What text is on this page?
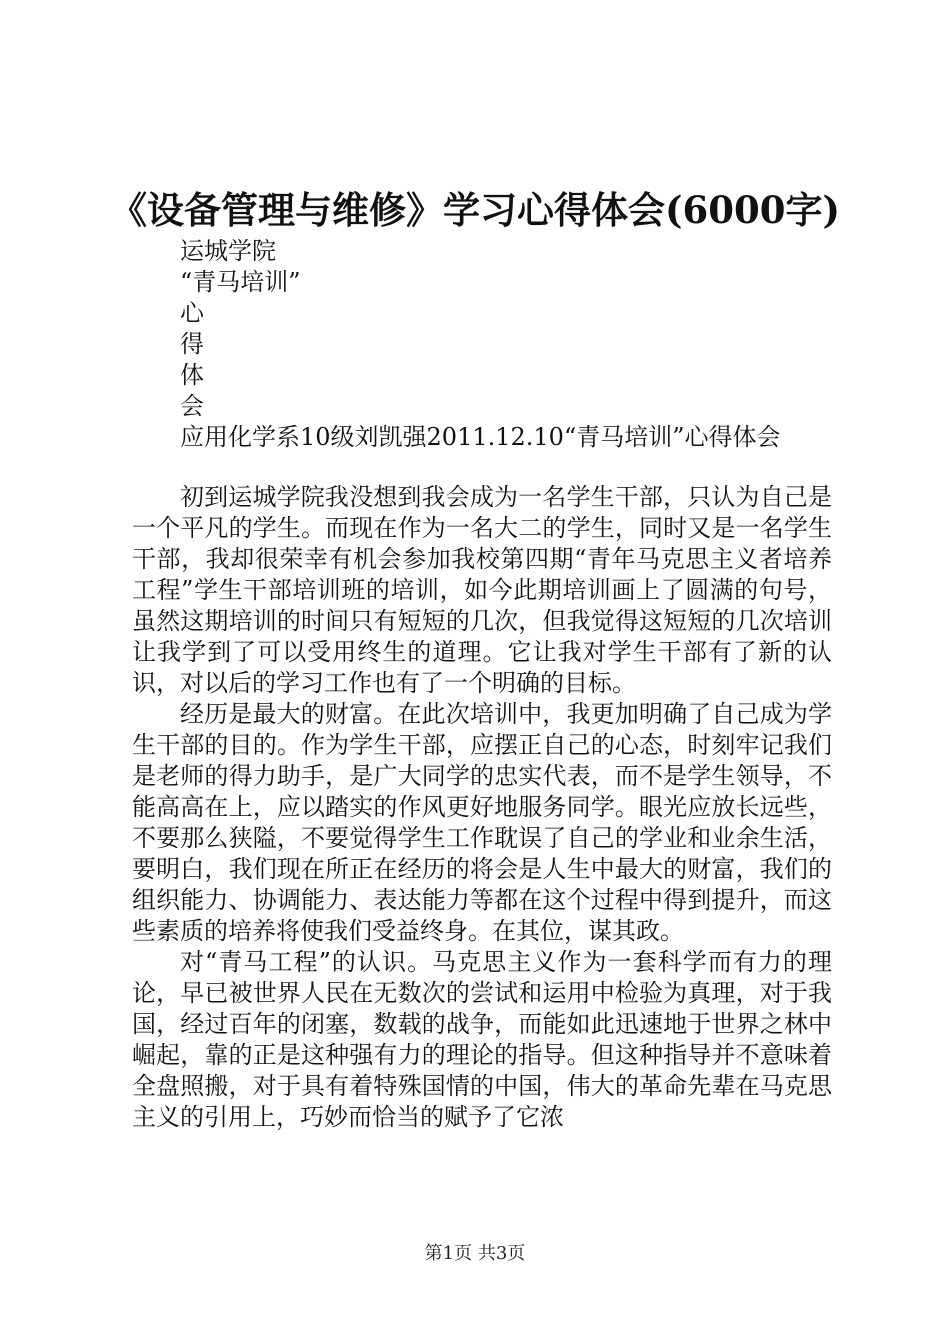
《设备管理与维修》学习心得体会(6000字)
运城学院
“青马培训”
心
得
体
会
应用化学系10级刘凯强2011.12.10“青马培训”心得体会

初到运城学院我没想到我会成为一名学生干部，只认为自己是一个平凡的学生。而现在作为一名大二的学生，同时又是一名学生干部，我却很荣幸有机会参加我校第四期“青年马克思主义者培养工程”学生干部培训班的培训，如今此期培训画上了圆满的句号，虽然这期培训的时间只有短短的几次，但我觉得这短短的几次培训让我学到了可以受用终生的道理。它让我对学生干部有了新的认识，对以后的学习工作也有了一个明确的目标。

经历是最大的财富。在此次培训中，我更加明确了自己成为学生干部的目的。作为学生干部，应摆正自己的心态，时刻牢记我们是老师的得力助手，是广大同学的忠实代表，而不是学生领导，不能高高在上，应以踏实的作风更好地服务同学。眼光应放长远些，不要那么狭隘，不要觉得学生工作耽误了自己的学业和业余生活，要明白，我们现在所正在经历的将会是人生中最大的财富，我们的组织能力、协调能力、表达能力等都在这个过程中得到提升，而这些素质的培养将使我们受益终身。在其位，谋其政。

对“青马工程”的认识。马克思主义作为一套科学而有力的理论，早已被世界人民在无数次的尝试和运用中检验为真理，对于我国，经过百年的闭塞，数载的战争，而能如此迅速地于世界之林中崛起，靠的正是这种强有力的理论的指导。但这种指导并不意味着全盘照搬，对于具有着特殊国情的中国，伟大的革命先辈在马克思主义的引用上，巧妙而恰当的赋予了它浓

第1页 共3页
